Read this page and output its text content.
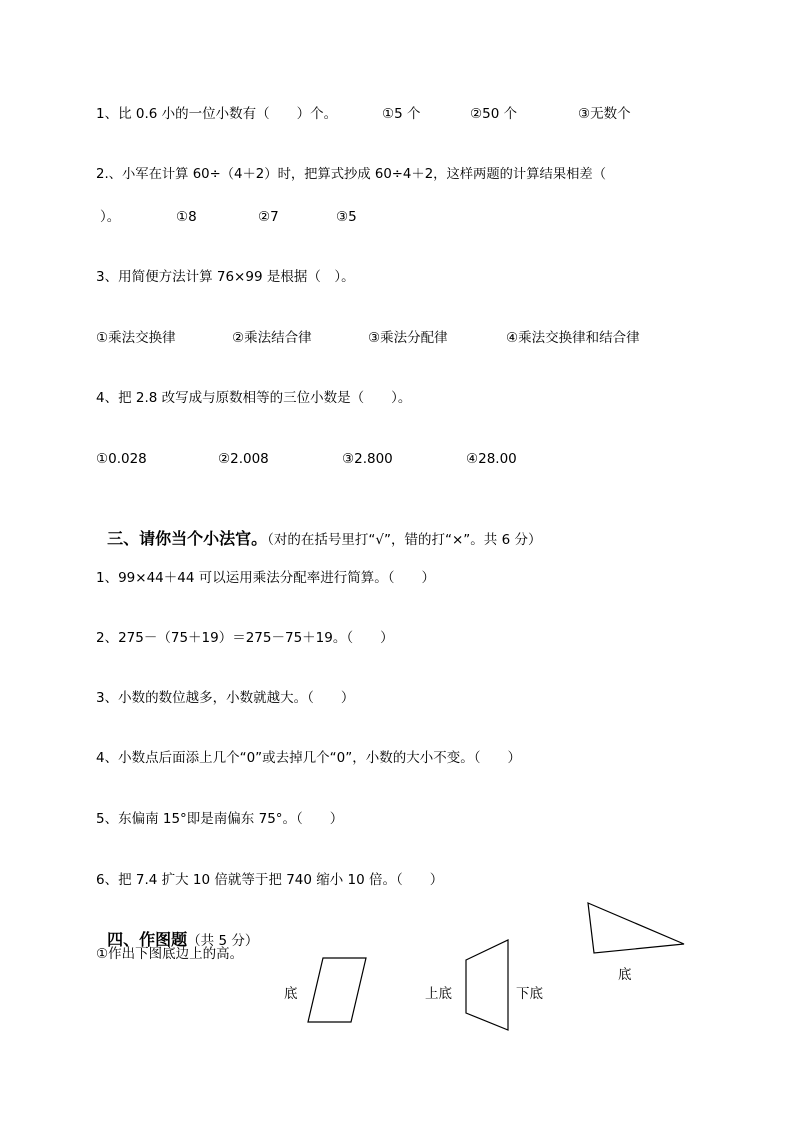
1、比 0.6 小的一位小数有（　　）个。	①5 个	②50 个	③无数个
2.、小军在计算 60÷（4＋2）时，把算式抄成 60÷4＋2，这样两题的计算结果相差（
）。	①8	②7	③5
3、用简便方法计算 76×99 是根据（　）。
①乘法交换律	②乘法结合律	③乘法分配律	④乘法交换律和结合律
4、把 2.8 改写成与原数相等的三位小数是（　　）。
①0.028	②2.008	③2.800	④28.00

三、请你当个小法官。（对的在括号里打“√”，错的打“×”。共 6 分）

1、99×44＋44 可以运用乘法分配率进行简算。（　　）
2、275－（75＋19）＝275－75＋19。（　　）
3、小数的数位越多，小数就越大。（　　）
4、小数点后面添上几个“0”或去掉几个“0”，小数的大小不变。（　　）
5、东偏南 15°即是南偏东 75°。（　　）
6、把 7.4 扩大 10 倍就等于把 740 缩小 10 倍。（　　）

四、作图题（共 5 分）

①作出下图底边上的高。
底	上底	下底
底
